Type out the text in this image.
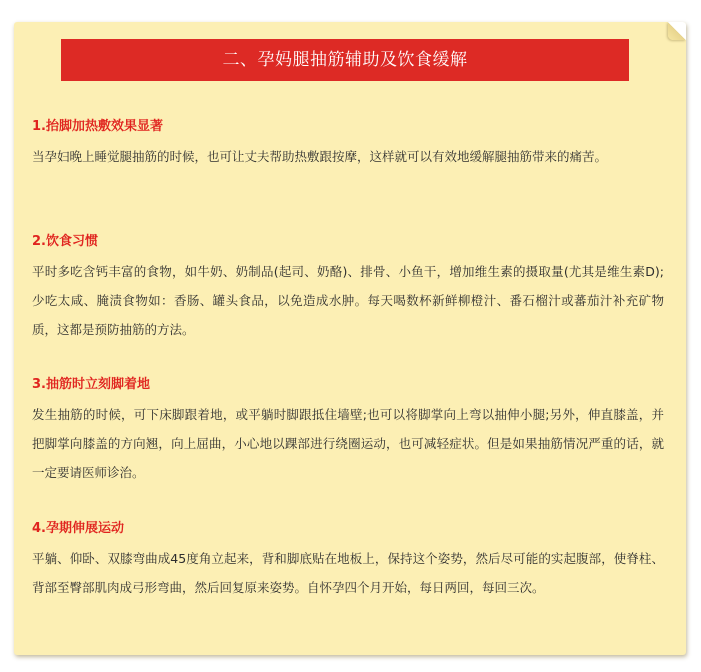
二、孕妈腿抽筋辅助及饮食缓解
1.抬脚加热敷效果显著

当孕妇晚上睡觉腿抽筋的时候，也可让丈夫帮助热敷跟按摩，这样就可以有效地缓解腿抽筋带来的痛苦。

2.饮食习惯

平时多吃含钙丰富的食物，如牛奶、奶制品(起司、奶酪)、排骨、小鱼干，增加维生素的摄取量(尤其是维生素D);少吃太咸、腌渍食物如：香肠、罐头食品，以免造成水肿。每天喝数杯新鲜柳橙汁、番石榴汁或蕃茄汁补充矿物质，这都是预防抽筋的方法。

3.抽筋时立刻脚着地

发生抽筋的时候，可下床脚跟着地，或平躺时脚跟抵住墙壁;也可以将脚掌向上弯以抽伸小腿;另外，伸直膝盖，并把脚掌向膝盖的方向翘，向上屈曲，小心地以踝部进行绕圈运动，也可减轻症状。但是如果抽筋情况严重的话，就一定要请医师诊治。

4.孕期伸展运动

平躺、仰卧、双膝弯曲成45度角立起来，背和脚底贴在地板上，保持这个姿势，然后尽可能的实起腹部，使脊柱、背部至臀部肌肉成弓形弯曲，然后回复原来姿势。自怀孕四个月开始，每日两回，每回三次。
